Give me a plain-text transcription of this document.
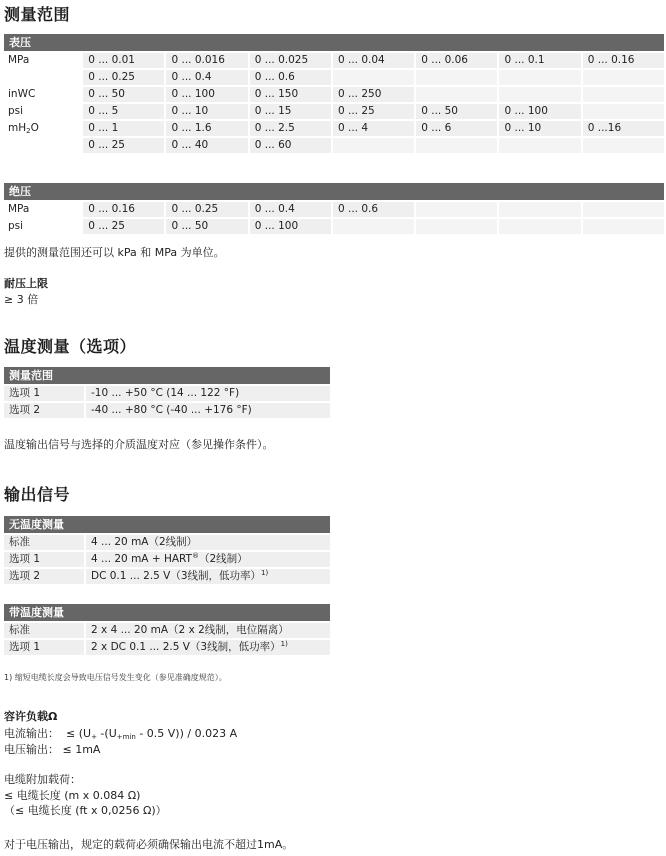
测量范围
表压							
MPa	0 ... 0.01	0 ... 0.016	0 ... 0.025	0 ... 0.04	0 ... 0.06	0 ... 0.1	0 ... 0.16
	0 ... 0.25	0 ... 0.4	0 ... 0.6				
inWC	0 ... 50	0 ... 100	0 ... 150	0 ... 250			
psi	0 ... 5	0 ... 10	0 ... 15	0 ... 25	0 ... 50	0 ... 100	
$mH_2O$	0 ... 1	0 ... 1.6	0 ... 2.5	0 ... 4	0 ... 6	0 ... 10	0 ...16
	0 ... 25	0 ... 40	0 ... 60				
绝压							
MPa	0 ... 0.16	0 ... 0.25	0 ... 0.4	0 ... 0.6			
psi	0 ... 25	0 ... 50	0 ... 100				
提供的测量范围还可以 kPa 和 MPa 为单位。
耐压上限
≥ 3 倍
温度测量（选项）
测量范围	
选项 1	-10 ... +50 °C (14 ... 122 °F)
选项 2	-40 ... +80 °C (-40 ... +176 °F)
温度输出信号与选择的介质温度对应（参见操作条件）。
输出信号
无温度测量	
标准	4 ... 20 mA（2线制）
选项 1	4 ... 20 mA + HART®（2线制）
选项 2	DC 0.1 ... 2.5 V（3线制，低功率）$^{1)}$
带温度测量	
标准	2 x 4 ... 20 mA（2 x 2线制，电位隔离）
选项 1	2 x DC 0.1 ... 2.5 V（3线制，低功率）$^{1)}$
1) 缩短电缆长度会导致电压信号发生变化（参见准确度规范）。
容许负载Ω
电流输出： ≤ ($U_+$ $-(U_{+min} - 0.5$ V)) / 0.023 A
电压输出： ≤ 1mA
电缆附加载荷：
≤ 电缆长度 (m x 0.084 Ω)
（≤ 电缆长度 (ft x 0,0256 Ω)）
对于电压输出，规定的载荷必须确保输出电流不超过1mA。
